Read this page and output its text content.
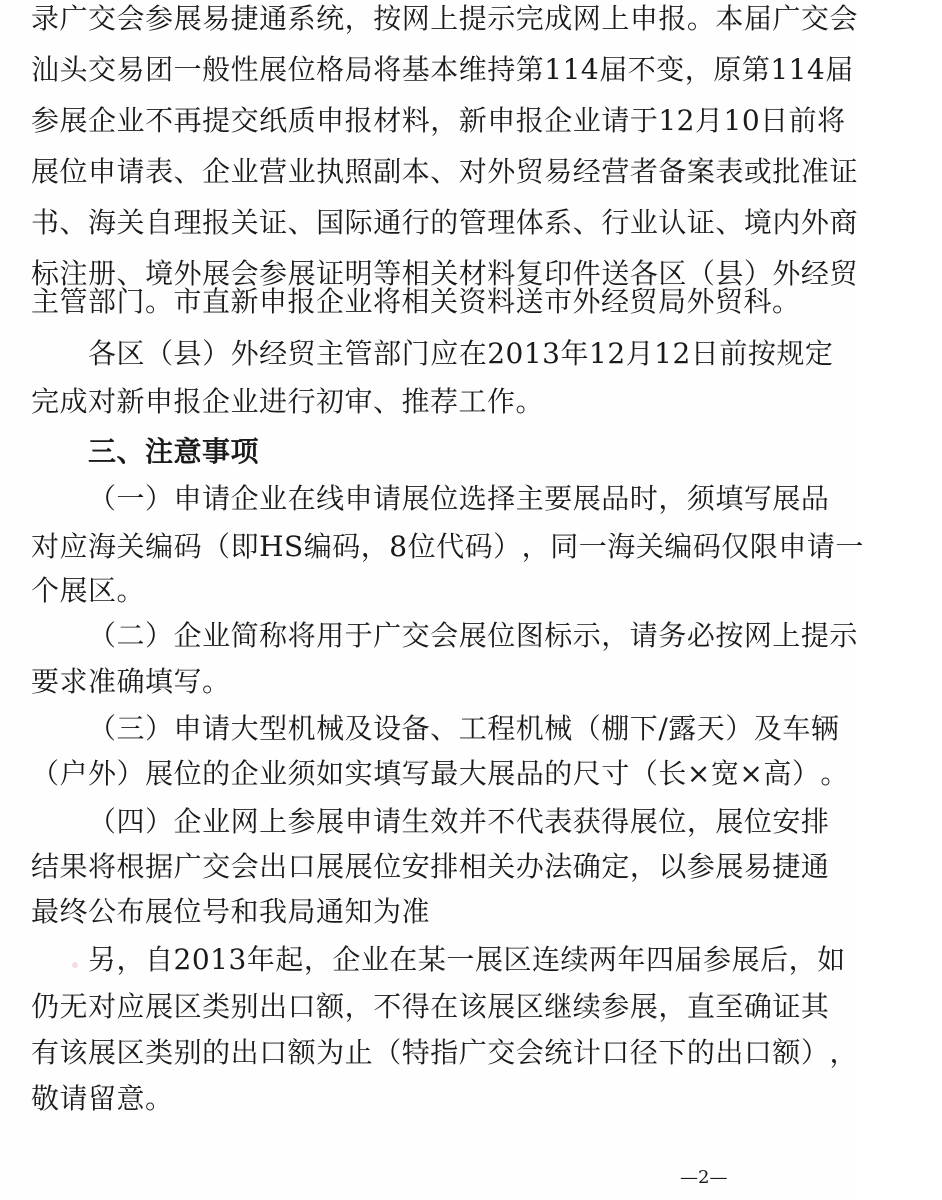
录 广 交 会 参 展 易 捷 通 系 统 ， 按 网 上 提 示 完 成 网 上 申 报 。 本 届 广 交 会
汕 头 交 易 团 一 般 性 展 位 格 局 将 基 本 维 持 第 114 届 不 变 ， 原 第 114 届
参 展 企 业 不 再 提 交 纸 质 申 报 材 料 ， 新 申 报 企 业 请 于 12 月 10 日 前 将
展 位 申 请 表 、 企 业 营 业 执 照 副 本 、 对 外 贸 易 经 营 者 备 案 表 或 批 准 证
书 、 海 关 自 理 报 关 证 、 国 际 通 行 的 管 理 体 系 、 行 业 认 证 、 境 内 外 商
标 注 册 、 境 外 展 会 参 展 证 明 等 相 关 材 料 复 印 件 送 各 区 （ 县 ） 外 经 贸
主管部门。市直新申报企业将相关资料送市外经贸局外贸科。
各 区 （ 县 ） 外 经 贸 主 管 部 门 应 在 2013 年 12 月 12 日 前 按 规 定
完成对新申报企业进行初审、推荐工作。
三、注意事项
（ 一 ） 申 请 企 业 在 线 申 请 展 位 选 择 主 要 展 品 时 ， 须 填 写 展 品
对 应 海 关 编 码 （ 即 HS 编 码 ， 8 位 代 码 ） ， 同 一 海 关 编 码 仅 限 申 请 一
个展区。
（ 二 ） 企 业 简 称 将 用 于 广 交 会 展 位 图 标 示 ， 请 务 必 按 网 上 提 示
要求准确填写。
（ 三 ） 申 请 大 型 机 械 及 设 备 、 工 程 机 械 （ 棚 下 / 露 天 ） 及 车 辆
（ 户 外 ） 展 位 的 企 业 须 如 实 填 写 最 大 展 品 的 尺 寸 （ 长 × 宽 × 高 ） 。
（ 四 ） 企 业 网 上 参 展 申 请 生 效 并 不 代 表 获 得 展 位 ， 展 位 安 排
结 果 将 根 据 广 交 会 出 口 展 展 位 安 排 相 关 办 法 确 定 ， 以 参 展 易 捷 通
最终公布展位号和我局通知为准
另 ， 自 2013 年 起 ， 企 业 在 某 一 展 区 连 续 两 年 四 届 参 展 后 ， 如
仍 无 对 应 展 区 类 别 出 口 额 ， 不 得 在 该 展 区 继 续 参 展 ， 直 至 确 证 其
有 该 展 区 类 别 的 出 口 额 为 止 （ 特 指 广 交 会 统 计 口 径 下 的 出 口 额 ） ，
敬请留意。
—2—
